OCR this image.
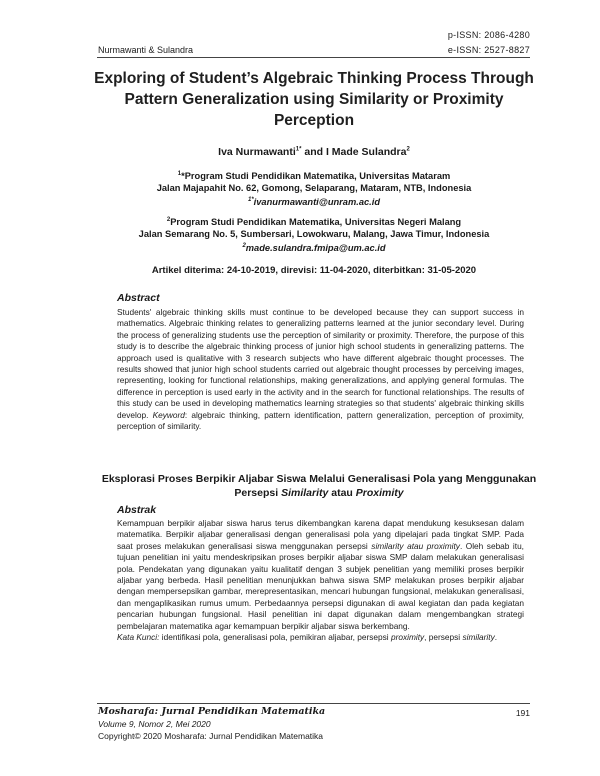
p-ISSN: 2086-4280
e-ISSN: 2527-8827
Nurmawanti & Sulandra
Exploring of Student’s Algebraic Thinking Process Through
Pattern Generalization using Similarity or Proximity
Perception
Iva Nurmawanti$^{1*}$ and I Made Sulandra$^2$
$^1$*Program Studi Pendidikan Matematika, Universitas Mataram
Jalan Majapahit No. 62, Gomong, Selaparang, Mataram, NTB, Indonesia
$^{1*}$ivanurmawanti@unram.ac.id
$^2$Program Studi Pendidikan Matematika, Universitas Negeri Malang
Jalan Semarang No. 5, Sumbersari, Lowokwaru, Malang, Jawa Timur, Indonesia
$^2$made.sulandra.fmipa@um.ac.id
Artikel diterima: 24-10-2019, direvisi: 11-04-2020, diterbitkan: 31-05-2020
Abstract
Students' algebraic thinking skills must continue to be developed because they can support success in mathematics. Algebraic thinking relates to generalizing patterns learned at the junior secondary level. During the process of generalizing students use the perception of similarity or proximity. Therefore, the purpose of this study is to describe the algebraic thinking process of junior high school students in generalizing patterns. The approach used is qualitative with 3 research subjects who have different algebraic thought processes. The results showed that junior high school students carried out algebraic thought processes by perceiving images, representing, looking for functional relationships, making generalizations, and applying general formulas. The difference in perception is used early in the activity and in the search for functional relationships. The results of this study can be used in developing mathematics learning strategies so that students' algebraic thinking skills develop. Keyword: algebraic thinking, pattern identification, pattern generalization, perception of proximity, perception of similarity.
Eksplorasi Proses Berpikir Aljabar Siswa Melalui Generalisasi Pola yang Menggunakan
Persepsi Similarity atau Proximity
Abstrak
Kemampuan berpikir aljabar siswa harus terus dikembangkan karena dapat mendukung kesuksesan dalam matematika. Berpikir aljabar generalisasi dengan generalisasi pola yang dipelajari pada tingkat SMP. Pada saat proses melakukan generalisasi siswa menggunakan persepsi similarity atau proximity. Oleh sebab itu, tujuan penelitian ini yaitu mendeskripsikan proses berpikir aljabar siswa SMP dalam melakukan generalisasi pola. Pendekatan yang digunakan yaitu kualitatif dengan 3 subjek penelitian yang memiliki proses berpikir aljabar yang berbeda. Hasil penelitian menunjukkan bahwa siswa SMP melakukan proses berpikir aljabar dengan mempersepsikan gambar, merepresentasikan, mencari hubungan fungsional, melakukan generalisasi, dan mengaplikasikan rumus umum. Perbedaannya persepsi digunakan di awal kegiatan dan pada kegiatan pencarian hubungan fungsional. Hasil penelitian ini dapat digunakan dalam mengembangkan strategi pembelajaran matematika agar kemampuan berpikir aljabar siswa berkembang.
Kata Kunci: identifikasi pola, generalisasi pola, pemikiran aljabar, persepsi proximity, persepsi similarity.
Mosharafa: Jurnal Pendidikan Matematika
Volume 9, Nomor 2, Mei 2020
Copyright© 2020 Mosharafa: Jurnal Pendidikan Matematika
191
